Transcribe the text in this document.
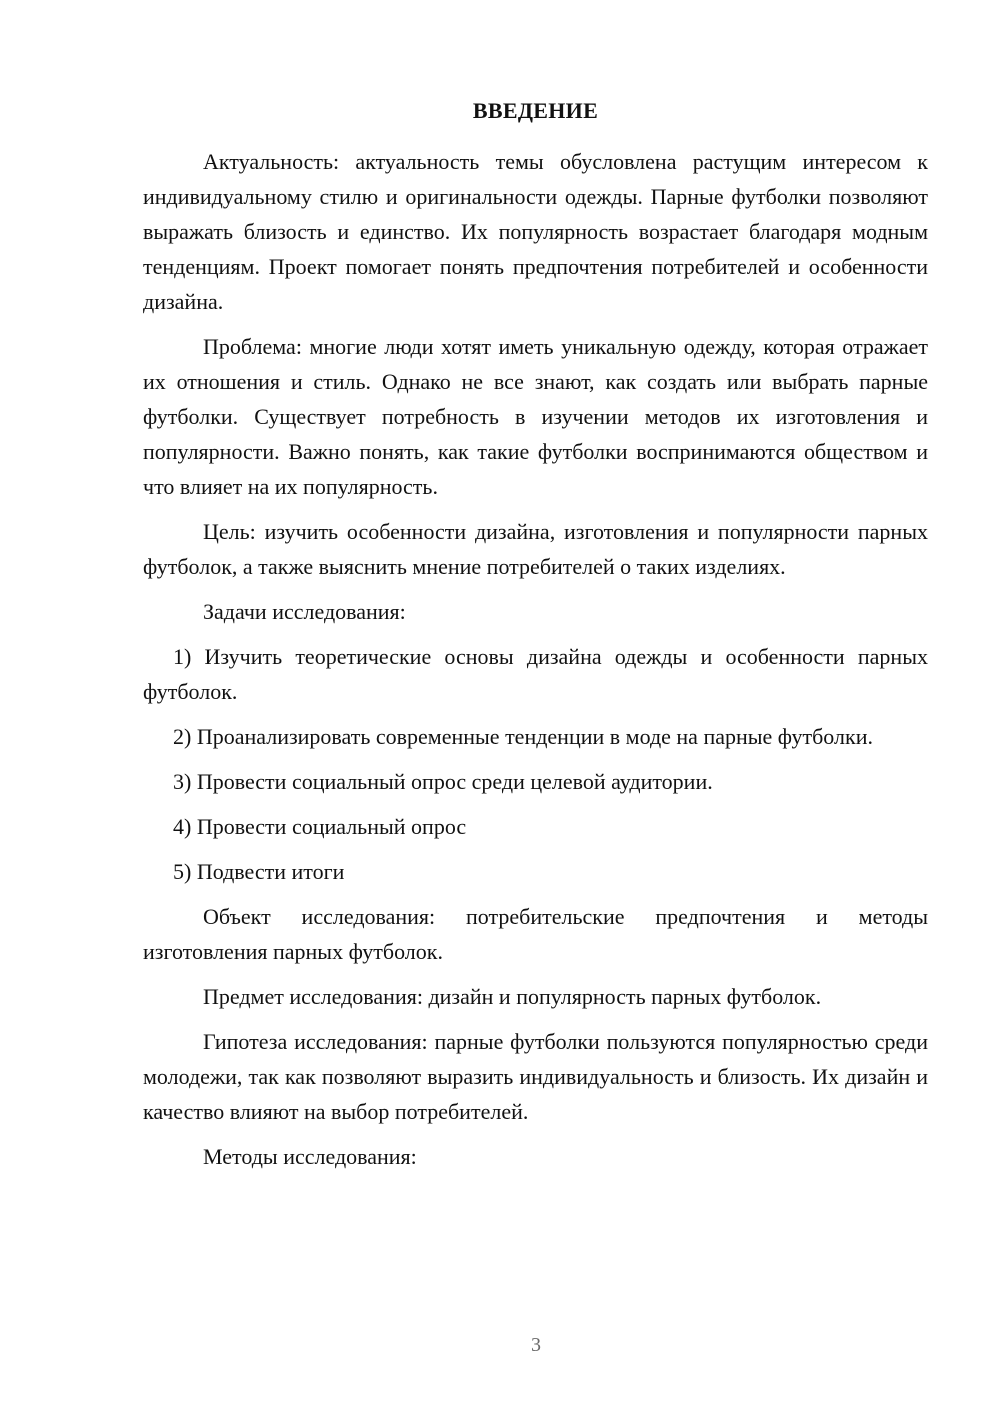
ВВЕДЕНИЕ

Актуальность: актуальность темы обусловлена растущим интересом к индивидуальному стилю и оригинальности одежды. Парные футболки позволяют выражать близость и единство. Их популярность возрастает благодаря модным тенденциям. Проект помогает понять предпочтения потребителей и особенности дизайна.

Проблема: многие люди хотят иметь уникальную одежду, которая отражает их отношения и стиль. Однако не все знают, как создать или выбрать парные футболки. Существует потребность в изучении методов их изготовления и популярности. Важно понять, как такие футболки воспринимаются обществом и что влияет на их популярность.

Цель: изучить особенности дизайна, изготовления и популярности парных футболок, а также выяснить мнение потребителей о таких изделиях.

Задачи исследования:

1) Изучить теоретические основы дизайна одежды и особенности парных футболок.

2) Проанализировать современные тенденции в моде на парные футболки.

3) Провести социальный опрос среди целевой аудитории.

4) Провести социальный опрос

5) Подвести итоги

Объект исследования: потребительские предпочтения и методы изготовления парных футболок.

Предмет исследования: дизайн и популярность парных футболок.

Гипотеза исследования: парные футболки пользуются популярностью среди молодежи, так как позволяют выразить индивидуальность и близость. Их дизайн и качество влияют на выбор потребителей.

Методы исследования:

3
